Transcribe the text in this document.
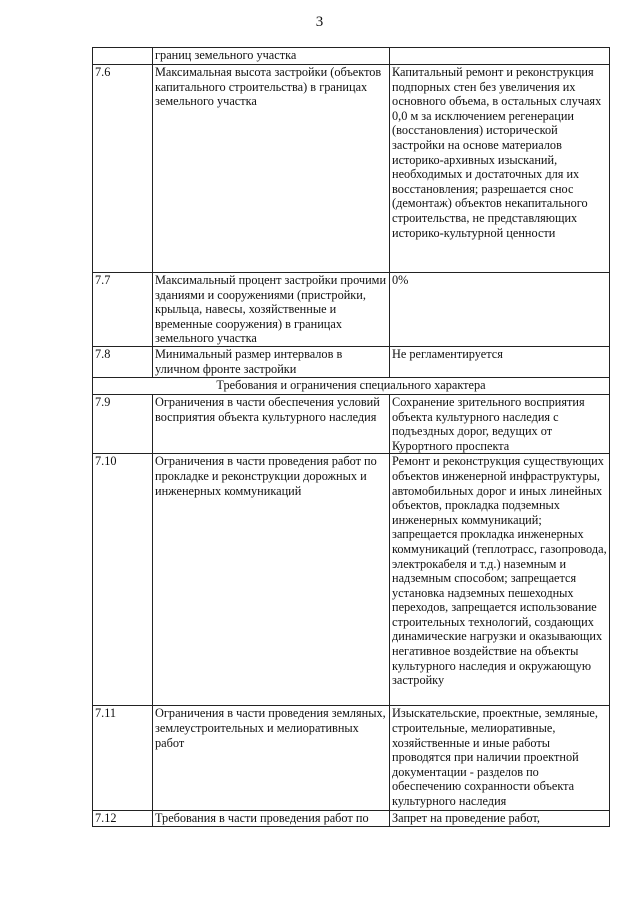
3
	границ земельного участка	
7.6	Максимальная высота застройки (объектов капитального строительства) в границах земельного участка	Капитальный ремонт и реконструкция подпорных стен без увеличения их основного объема, в остальных случаях 0,0 м за исключением регенерации (восстановления) исторической застройки на основе материалов историко-архивных изысканий, необходимых и достаточных для их восстановления; разрешается снос (демонтаж) объектов некапитального строительства, не представляющих историко-культурной ценности
7.7	Максимальный процент застройки прочими зданиями и сооружениями (пристройки, крыльца, навесы, хозяйственные и временные сооружения) в границах земельного участка	0%
7.8	Минимальный размер интервалов в уличном фронте застройки	Не регламентируется
Требования и ограничения специального характера		
7.9	Ограничения в части обеспечения условий восприятия объекта культурного наследия	Сохранение зрительного восприятия объекта культурного наследия с подъездных дорог, ведущих от Курортного проспекта
7.10	Ограничения в части проведения работ по прокладке и реконструкции дорожных и инженерных коммуникаций	Ремонт и реконструкция существующих объектов инженерной инфраструктуры, автомобильных дорог и иных линейных объектов, прокладка подземных инженерных коммуникаций; запрещается прокладка инженерных коммуникаций (теплотрасс, газопровода, электрокабеля и т.д.) наземным и надземным способом; запрещается установка надземных пешеходных переходов, запрещается использование строительных технологий, создающих динамические нагрузки и оказывающих негативное воздействие на объекты культурного наследия и окружающую застройку
7.11	Ограничения в части проведения земляных, землеустроительных и мелиоративных работ	Изыскательские, проектные, земляные, строительные, мелиоративные, хозяйственные и иные работы проводятся при наличии проектной документации - разделов по обеспечению сохранности объекта культурного наследия
7.12	Требования в части проведения работ по	Запрет на проведение работ,
